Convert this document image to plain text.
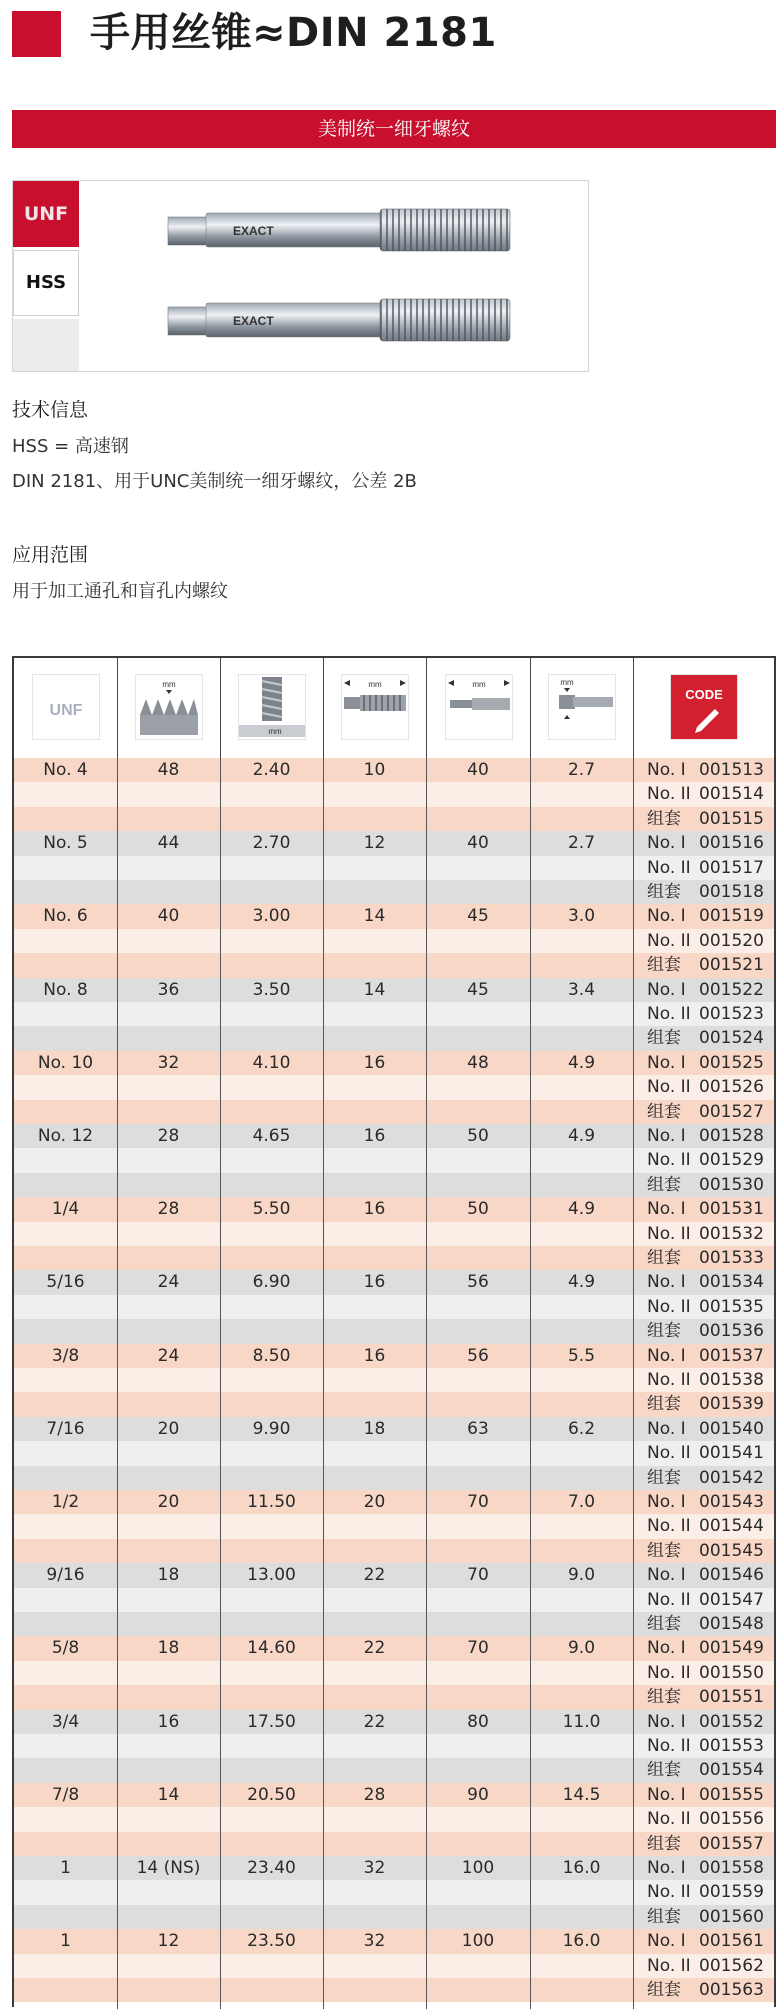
手用丝锥≈DIN 2181
美制统一细牙螺纹
UNF
HSS
EXACT
EXACT
技术信息
HSS = 高速钢
DIN 2181、用于UNC美制统一细牙螺纹，公差 2B
应用范围
用于加工通孔和盲孔内螺纹
UNF
mm
mm
mm	mm	mm
CODE
No. 4	48	2.40	10	40	2.7	No. I 001513
No. II 001514
组套 001515
No. 5	44	2.70	12	40	2.7	No. I 001516
No. II 001517
组套 001518
No. 6	40	3.00	14	45	3.0	No. I 001519
No. II 001520
组套 001521
No. 8	36	3.50	14	45	3.4	No. I 001522
No. II 001523
组套 001524
No. 10	32	4.10	16	48	4.9	No. I 001525
No. II 001526
组套 001527
No. 12	28	4.65	16	50	4.9	No. I 001528
No. II 001529
组套 001530
1/4	28	5.50	16	50	4.9	No. I 001531
No. II 001532
组套 001533
5/16	24	6.90	16	56	4.9	No. I 001534
No. II 001535
组套 001536
3/8	24	8.50	16	56	5.5	No. I 001537
No. II 001538
组套 001539
7/16	20	9.90	18	63	6.2	No. I 001540
No. II 001541
组套 001542
1/2	20	11.50	20	70	7.0	No. I 001543
No. II 001544
组套 001545
9/16	18	13.00	22	70	9.0	No. I 001546
No. II 001547
组套 001548
5/8	18	14.60	22	70	9.0	No. I 001549
No. II 001550
组套 001551
3/4	16	17.50	22	80	11.0	No. I 001552
No. II 001553
组套 001554
7/8	14	20.50	28	90	14.5	No. I 001555
No. II 001556
组套 001557
1	14 (NS)	23.40	32	100	16.0	No. I 001558
No. II 001559
组套 001560
1	12	23.50	32	100	16.0	No. I 001561
No. II 001562
组套 001563
